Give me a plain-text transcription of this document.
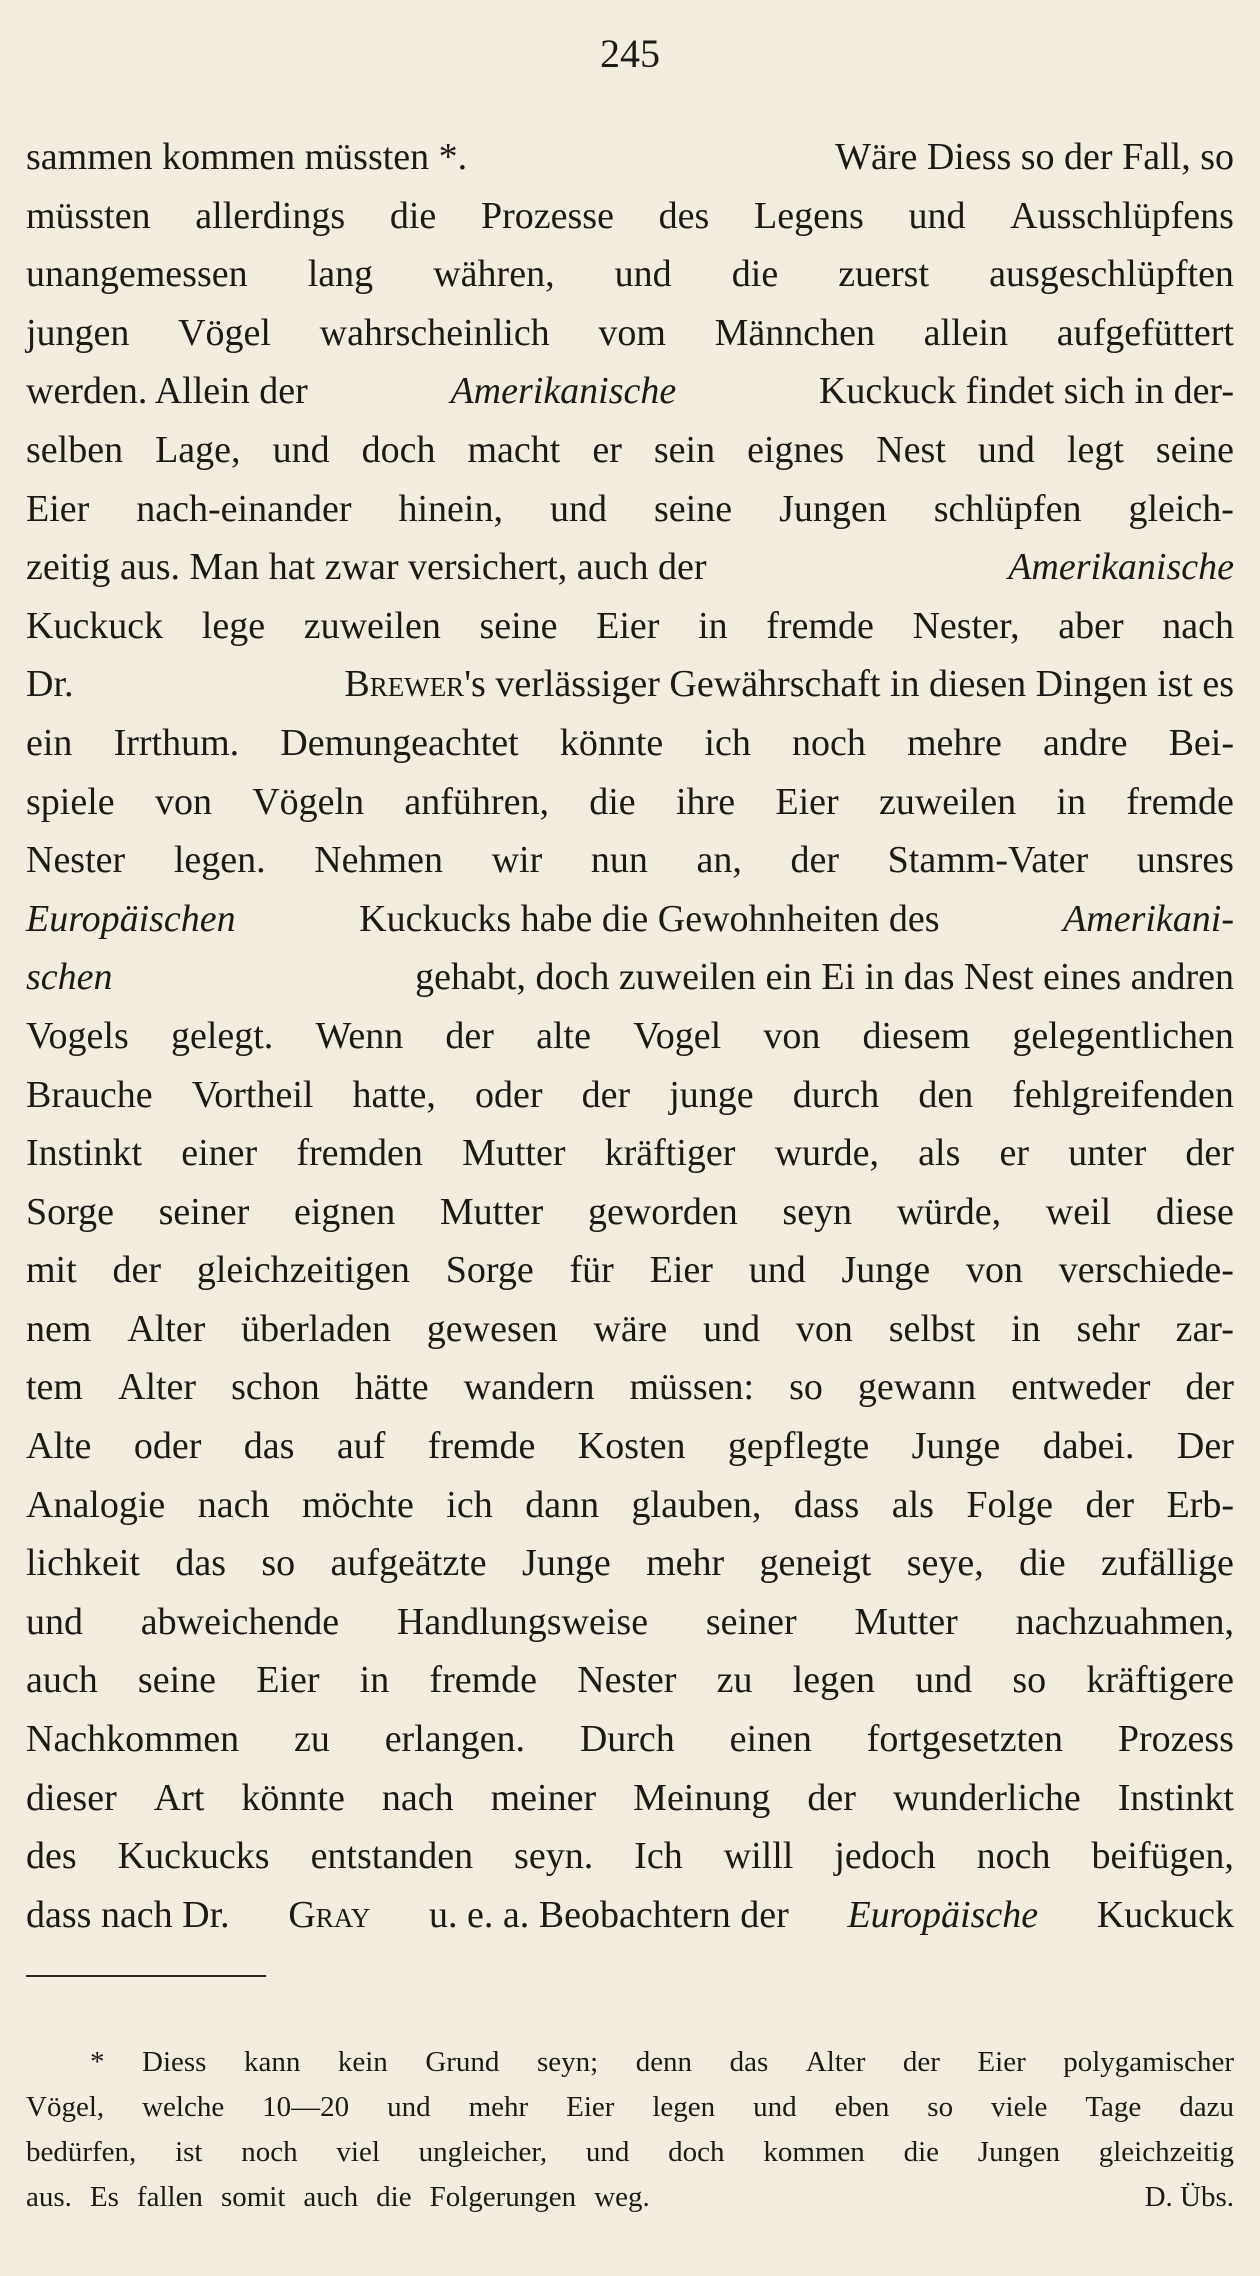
245
sammen kommen müssten *.	Wäre Diess so der Fall, so
müssten allerdings die Prozesse des Legens und Ausschlüpfens
unangemessen lang währen, und die zuerst ausgeschlüpften
jungen Vögel wahrscheinlich vom Männchen allein aufgefüttert
werden. Allein der	Amerikanische	Kuckuck findet sich in der-
selben Lage, und doch macht er sein eignes Nest und legt seine
Eier nach-einander hinein, und seine Jungen schlüpfen gleich-
zeitig aus. Man hat zwar versichert, auch der	Amerikanische
Kuckuck lege zuweilen seine Eier in fremde Nester, aber nach
Dr.	Brewer's verlässiger Gewährschaft in diesen Dingen ist es
ein Irrthum. Demungeachtet könnte ich noch mehre andre Bei-
spiele von Vögeln anführen, die ihre Eier zuweilen in fremde
Nester legen. Nehmen wir nun an, der Stamm-Vater unsres
Europäischen	Kuckucks habe die Gewohnheiten des	Amerikani-
schen	gehabt, doch zuweilen ein Ei in das Nest eines andren
Vogels gelegt. Wenn der alte Vogel von diesem gelegentlichen
Brauche Vortheil hatte, oder der junge durch den fehlgreifenden
Instinkt einer fremden Mutter kräftiger wurde, als er unter der
Sorge seiner eignen Mutter geworden seyn würde, weil diese
mit der gleichzeitigen Sorge für Eier und Junge von verschiede-
nem Alter überladen gewesen wäre und von selbst in sehr zar-
tem Alter schon hätte wandern müssen: so gewann entweder der
Alte oder das auf fremde Kosten gepflegte Junge dabei. Der
Analogie nach möchte ich dann glauben, dass als Folge der Erb-
lichkeit das so aufgeätzte Junge mehr geneigt seye, die zufällige
und abweichende Handlungsweise seiner Mutter nachzuahmen,
auch seine Eier in fremde Nester zu legen und so kräftigere
Nachkommen zu erlangen. Durch einen fortgesetzten Prozess
dieser Art könnte nach meiner Meinung der wunderliche Instinkt
des Kuckucks entstanden seyn. Ich willl jedoch noch beifügen,
dass nach Dr. Gray u. e. a. Beobachtern der Europäische Kuckuck
* Diess kann kein Grund seyn; denn das Alter der Eier polygamischer
Vögel, welche 10—20 und mehr Eier legen und eben so viele Tage dazu
bedürfen, ist noch viel ungleicher, und doch kommen die Jungen gleichzeitig
aus. Es fallen somit auch die Folgerungen weg.	D. Übs.
